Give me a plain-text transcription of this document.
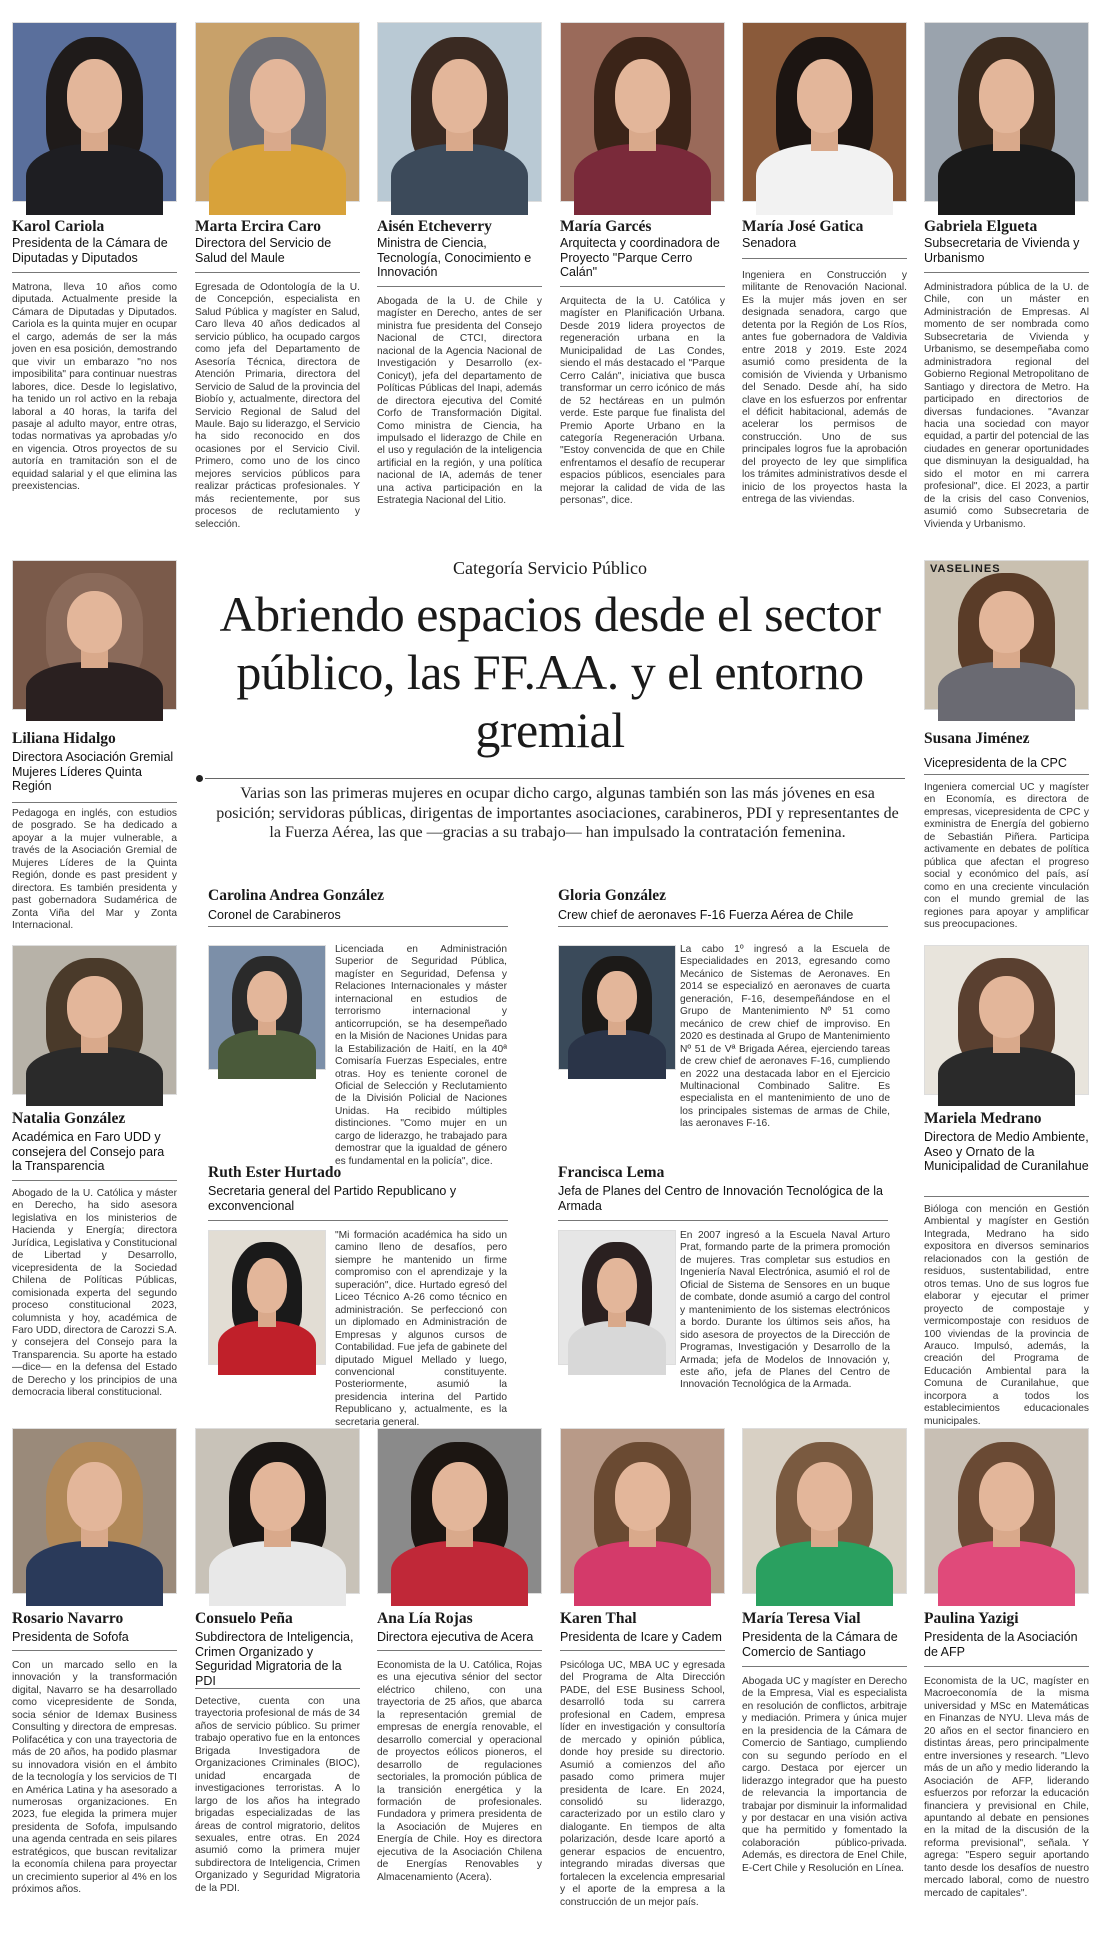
Karol Cariola
Presidenta de la Cámara de Diputadas y Diputados
Matrona, lleva 10 años como diputada. Actualmente preside la Cámara de Diputadas y Diputados. Cariola es la quinta mujer en ocupar el cargo, además de ser la más joven en esa posición, demostrando que vivir un embarazo "no nos imposibilita" para continuar nuestras labores, dice. Desde lo legislativo, ha tenido un rol activo en la rebaja laboral a 40 horas, la tarifa del pasaje al adulto mayor, entre otras, todas normativas ya aprobadas y/o en vigencia. Otros proyectos de su autoría en tramitación son el de equidad salarial y el que elimina las preexistencias.
Marta Ercira Caro
Directora del Servicio de Salud del Maule
Egresada de Odontología de la U. de Concepción, especialista en Salud Pública y magíster en Salud, Caro lleva 40 años dedicados al servicio público, ha ocupado cargos como jefa del Departamento de Asesoría Técnica, directora de Atención Primaria, directora del Servicio de Salud de la provincia del Biobío y, actualmente, directora del Servicio Regional de Salud del Maule. Bajo su liderazgo, el Servicio ha sido reconocido en dos ocasiones por el Servicio Civil. Primero, como uno de los cinco mejores servicios públicos para realizar prácticas profesionales. Y más recientemente, por sus procesos de reclutamiento y selección.
Aisén Etcheverry
Ministra de Ciencia, Tecnología, Conocimiento e Innovación
Abogada de la U. de Chile y magíster en Derecho, antes de ser ministra fue presidenta del Consejo Nacional de CTCI, directora nacional de la Agencia Nacional de Investigación y Desarrollo (ex-Conicyt), jefa del departamento de Políticas Públicas del Inapi, además de directora ejecutiva del Comité Corfo de Transformación Digital. Como ministra de Ciencia, ha impulsado el liderazgo de Chile en el uso y regulación de la inteligencia artificial en la región, y una política nacional de IA, además de tener una activa participación en la Estrategia Nacional del Litio.
María Garcés
Arquitecta y coordinadora de Proyecto "Parque Cerro Calán"
Arquitecta de la U. Católica y magíster en Planificación Urbana. Desde 2019 lidera proyectos de regeneración urbana en la Municipalidad de Las Condes, siendo el más destacado el "Parque Cerro Calán", iniciativa que busca transformar un cerro icónico de más de 52 hectáreas en un pulmón verde. Este parque fue finalista del Premio Aporte Urbano en la categoría Regeneración Urbana. "Estoy convencida de que en Chile enfrentamos el desafío de recuperar espacios públicos, esenciales para mejorar la calidad de vida de las personas", dice.
María José Gatica
Senadora
Ingeniera en Construcción y militante de Renovación Nacional. Es la mujer más joven en ser designada senadora, cargo que detenta por la Región de Los Ríos, antes fue gobernadora de Valdivia entre 2018 y 2019. Este 2024 asumió como presidenta de la comisión de Vivienda y Urbanismo del Senado. Desde ahí, ha sido clave en los esfuerzos por enfrentar el déficit habitacional, además de acelerar los permisos de construcción. Uno de sus principales logros fue la aprobación del proyecto de ley que simplifica los trámites administrativos desde el inicio de los proyectos hasta la entrega de las viviendas.
Gabriela Elgueta
Subsecretaria de Vivienda y Urbanismo
Administradora pública de la U. de Chile, con un máster en Administración de Empresas. Al momento de ser nombrada como Subsecretaria de Vivienda y Urbanismo, se desempeñaba como administradora regional del Gobierno Regional Metropolitano de Santiago y directora de Metro. Ha participado en directorios de diversas fundaciones. "Avanzar hacia una sociedad con mayor equidad, a partir del potencial de las ciudades en generar oportunidades que disminuyan la desigualdad, ha sido el motor en mi carrera profesional", dice. El 2023, a partir de la crisis del caso Convenios, asumió como Subsecretaria de Vivienda y Urbanismo.
Liliana Hidalgo
Directora Asociación Gremial Mujeres Líderes Quinta Región
Pedagoga en inglés, con estudios de posgrado. Se ha dedicado a apoyar a la mujer vulnerable, a través de la Asociación Gremial de Mujeres Líderes de la Quinta Región, donde es past president y directora. Es también presidenta y past gobernadora Sudamérica de Zonta Viña del Mar y Zonta Internacional.
Susana Jiménez
Vicepresidenta de la CPC
Ingeniera comercial UC y magíster en Economía, es directora de empresas, vicepresidenta de CPC y exministra de Energía del gobierno de Sebastián Piñera. Participa activamente en debates de política pública que afectan el progreso social y económico del país, así como en una creciente vinculación con el mundo gremial de las regiones para apoyar y amplificar sus preocupaciones.
Carolina Andrea González
Coronel de Carabineros
Licenciada en Administración Superior de Seguridad Pública, magíster en Seguridad, Defensa y Relaciones Internacionales y máster internacional en estudios de terrorismo internacional y anticorrupción, se ha desempeñado en la Misión de Naciones Unidas para la Estabilización de Haití, en la 40ª Comisaría Fuerzas Especiales, entre otras. Hoy es teniente coronel de Oficial de Selección y Reclutamiento de la División Policial de Naciones Unidas. Ha recibido múltiples distinciones. "Como mujer en un cargo de liderazgo, he trabajado para demostrar que la igualdad de género es fundamental en la policía", dice.
Gloria González
Crew chief de aeronaves F-16 Fuerza Aérea de Chile
La cabo 1º ingresó a la Escuela de Especialidades en 2013, egresando como Mecánico de Sistemas de Aeronaves. En 2014 se especializó en aeronaves de cuarta generación, F-16, desempeñándose en el Grupo de Mantenimiento Nº 51 como mecánico de crew chief de improviso. En 2020 es destinada al Grupo de Mantenimiento Nº 51 de Vª Brigada Aérea, ejerciendo tareas de crew chief de aeronaves F-16, cumpliendo en 2022 una destacada labor en el Ejercicio Multinacional Combinado Salitre. Es especialista en el mantenimiento de uno de los principales sistemas de armas de Chile, las aeronaves F-16.
Natalia González
Académica en Faro UDD y consejera del Consejo para la Transparencia
Abogado de la U. Católica y máster en Derecho, ha sido asesora legislativa en los ministerios de Hacienda y Energía; directora Jurídica, Legislativa y Constitucional de Libertad y Desarrollo, vicepresidenta de la Sociedad Chilena de Políticas Públicas, comisionada experta del segundo proceso constitucional 2023, columnista y hoy, académica de Faro UDD, directora de Carozzi S.A. y consejera del Consejo para la Transparencia. Su aporte ha estado —dice— en la defensa del Estado de Derecho y los principios de una democracia liberal constitucional.
Mariela Medrano
Directora de Medio Ambiente, Aseo y Ornato de la Municipalidad de Curanilahue
Bióloga con mención en Gestión Ambiental y magíster en Gestión Integrada, Medrano ha sido expositora en diversos seminarios relacionados con la gestión de residuos, sustentabilidad, entre otros temas. Uno de sus logros fue elaborar y ejecutar el primer proyecto de compostaje y vermicompostaje con residuos de 100 viviendas de la provincia de Arauco. Impulsó, además, la creación del Programa de Educación Ambiental para la Comuna de Curanilahue, que incorpora a todos los establecimientos educacionales municipales.
Ruth Ester Hurtado
Secretaria general del Partido Republicano y exconvencional
"Mi formación académica ha sido un camino lleno de desafíos, pero siempre he mantenido un firme compromiso con el aprendizaje y la superación", dice. Hurtado egresó del Liceo Técnico A-26 como técnico en administración. Se perfeccionó con un diplomado en Administración de Empresas y algunos cursos de Contabilidad. Fue jefa de gabinete del diputado Miguel Mellado y luego, convencional constituyente. Posteriormente, asumió la presidencia interina del Partido Republicano y, actualmente, es la secretaria general.
Francisca Lema
Jefa de Planes del Centro de Innovación Tecnológica de la Armada
En 2007 ingresó a la Escuela Naval Arturo Prat, formando parte de la primera promoción de mujeres. Tras completar sus estudios en Ingeniería Naval Electrónica, asumió el rol de Oficial de Sistema de Sensores en un buque de combate, donde asumió a cargo del control y mantenimiento de los sistemas electrónicos a bordo. Durante los últimos seis años, ha sido asesora de proyectos de la Dirección de Programas, Investigación y Desarrollo de la Armada; jefa de Modelos de Innovación y, este año, jefa de Planes del Centro de Innovación Tecnológica de la Armada.
Rosario Navarro
Presidenta de Sofofa
Con un marcado sello en la innovación y la transformación digital, Navarro se ha desarrollado como vicepresidente de Sonda, socia sénior de Idemax Business Consulting y directora de empresas. Polifacética y con una trayectoria de más de 20 años, ha podido plasmar su innovadora visión en el ámbito de la tecnología y los servicios de TI en América Latina y ha asesorado a numerosas organizaciones. En 2023, fue elegida la primera mujer presidenta de Sofofa, impulsando una agenda centrada en seis pilares estratégicos, que buscan revitalizar la economía chilena para proyectar un crecimiento superior al 4% en los próximos años.
Consuelo Peña
Subdirectora de Inteligencia, Crimen Organizado y Seguridad Migratoria de la PDI
Detective, cuenta con una trayectoria profesional de más de 34 años de servicio público. Su primer trabajo operativo fue en la entonces Brigada Investigadora de Organizaciones Criminales (BIOC), unidad encargada de investigaciones terroristas. A lo largo de los años ha integrado brigadas especializadas de las áreas de control migratorio, delitos sexuales, entre otras. En 2024 asumió como la primera mujer subdirectora de Inteligencia, Crimen Organizado y Seguridad Migratoria de la PDI.
Ana Lía Rojas
Directora ejecutiva de Acera
Economista de la U. Católica, Rojas es una ejecutiva sénior del sector eléctrico chileno, con una trayectoria de 25 años, que abarca la representación gremial de empresas de energía renovable, el desarrollo comercial y operacional de proyectos eólicos pioneros, el desarrollo de regulaciones sectoriales, la promoción pública de la transición energética y la formación de profesionales. Fundadora y primera presidenta de la Asociación de Mujeres en Energía de Chile. Hoy es directora ejecutiva de la Asociación Chilena de Energías Renovables y Almacenamiento (Acera).
Karen Thal
Presidenta de Icare y Cadem
Psicóloga UC, MBA UC y egresada del Programa de Alta Dirección PADE, del ESE Business School, desarrolló toda su carrera profesional en Cadem, empresa líder en investigación y consultoría de mercado y opinión pública, donde hoy preside su directorio. Asumió a comienzos del año pasado como primera mujer presidenta de Icare. En 2024, consolidó su liderazgo, caracterizado por un estilo claro y dialogante. En tiempos de alta polarización, desde Icare aportó a generar espacios de encuentro, integrando miradas diversas que fortalecen la excelencia empresarial y el aporte de la empresa a la construcción de un mejor país.
María Teresa Vial
Presidenta de la Cámara de Comercio de Santiago
Abogada UC y magíster en Derecho de la Empresa, Vial es especialista en resolución de conflictos, arbitraje y mediación. Primera y única mujer en la presidencia de la Cámara de Comercio de Santiago, cumpliendo con su segundo período en el cargo. Destaca por ejercer un liderazgo integrador que ha puesto de relevancia la importancia de trabajar por disminuir la informalidad y por destacar en una visión activa que ha permitido y fomentado la colaboración público-privada. Además, es directora de Enel Chile, E-Cert Chile y Resolución en Línea.
Paulina Yazigi
Presidenta de la Asociación de AFP
Economista de la UC, magíster en Macroeconomía de la misma universidad y MSc en Matemáticas en Finanzas de NYU. Lleva más de 20 años en el sector financiero en distintas áreas, pero principalmente entre inversiones y research. "Llevo más de un año y medio liderando la Asociación de AFP, liderando esfuerzos por reforzar la educación financiera y previsional en Chile, apuntando al debate en pensiones en la mitad de la discusión de la reforma previsional", señala. Y agrega: "Espero seguir aportando tanto desde los desafíos de nuestro mercado laboral, como de nuestro mercado de capitales".
VASELINES
Categoría Servicio Público
Abriendo espacios desde el sector público, las FF.AA. y el entorno gremial
Varias son las primeras mujeres en ocupar dicho cargo, algunas también son las más jóvenes en esa posición; servidoras públicas, dirigentas de importantes asociaciones, carabineros, PDI y representantes de la Fuerza Aérea, las que —gracias a su trabajo— han impulsado la contratación femenina.
